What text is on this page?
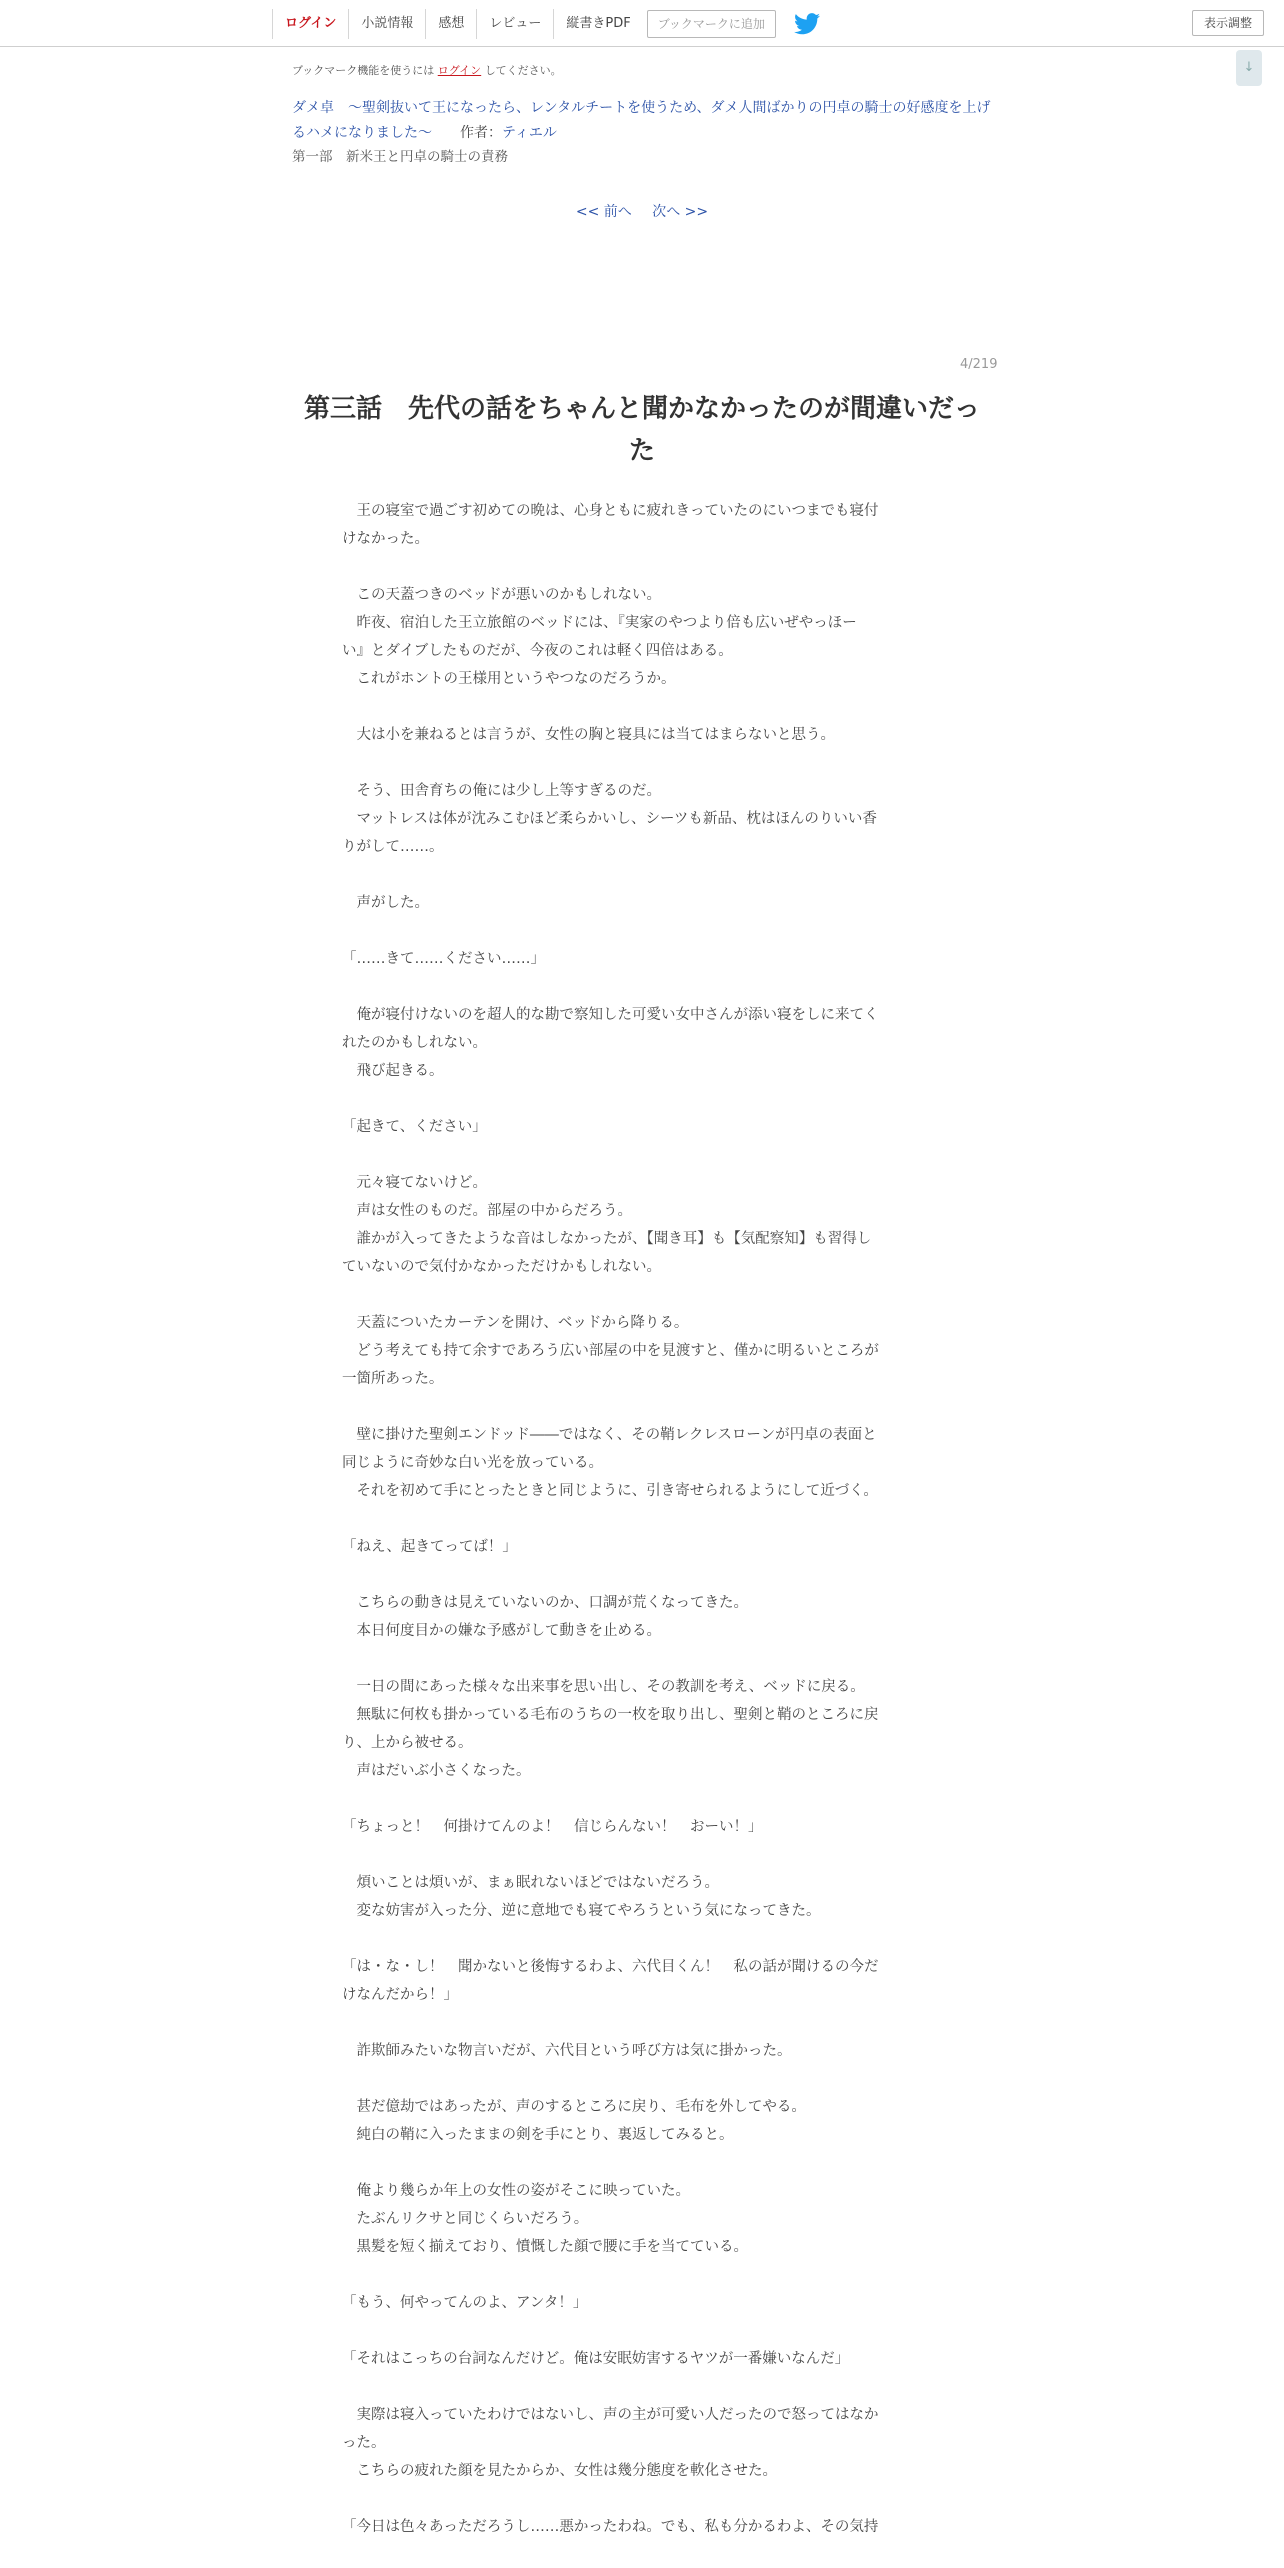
ログイン	小説情報	感想	レビュー	縦書きPDF	ブックマークに追加	表示調整
↓
ブックマーク機能を使うには ログイン してください。
ダメ卓　～聖剣抜いて王になったら、レンタルチートを使うため、ダメ人間ばかりの円卓の騎士の好感度を上げ
るハメになりました～ 作者：ティエル
第一部　新米王と円卓の騎士の責務
<< 前へ 次へ >>
4/219
第三話　先代の話をちゃんと聞かなかったのが間違いだっ
た
　王の寝室で過ごす初めての晩は、心身ともに疲れきっていたのにいつまでも寝付
けなかった。
　この天蓋つきのベッドが悪いのかもしれない。
　昨夜、宿泊した王立旅館のベッドには、『実家のやつより倍も広いぜやっほー
い』とダイブしたものだが、今夜のこれは軽く四倍はある。
　これがホントの王様用というやつなのだろうか。
　大は小を兼ねるとは言うが、女性の胸と寝具には当てはまらないと思う。
　そう、田舎育ちの俺には少し上等すぎるのだ。
　マットレスは体が沈みこむほど柔らかいし、シーツも新品、枕はほんのりいい香
りがして……。
　声がした。
「……きて……ください……」
　俺が寝付けないのを超人的な勘で察知した可愛い女中さんが添い寝をしに来てく
れたのかもしれない。
　飛び起きる。
「起きて、ください」
　元々寝てないけど。
　声は女性のものだ。部屋の中からだろう。
　誰かが入ってきたような音はしなかったが、【聞き耳】も【気配察知】も習得し
ていないので気付かなかっただけかもしれない。
　天蓋についたカーテンを開け、ベッドから降りる。
　どう考えても持て余すであろう広い部屋の中を見渡すと、僅かに明るいところが
一箇所あった。
　壁に掛けた聖剣エンドッド――ではなく、その鞘レクレスローンが円卓の表面と
同じように奇妙な白い光を放っている。
　それを初めて手にとったときと同じように、引き寄せられるようにして近づく。
「ねえ、起きてってば！」
　こちらの動きは見えていないのか、口調が荒くなってきた。
　本日何度目かの嫌な予感がして動きを止める。
　一日の間にあった様々な出来事を思い出し、その教訓を考え、ベッドに戻る。
　無駄に何枚も掛かっている毛布のうちの一枚を取り出し、聖剣と鞘のところに戻
り、上から被せる。
　声はだいぶ小さくなった。
「ちょっと！　何掛けてんのよ！　信じらんない！　おーい！」
　煩いことは煩いが、まぁ眠れないほどではないだろう。
　変な妨害が入った分、逆に意地でも寝てやろうという気になってきた。
「は・な・し！　聞かないと後悔するわよ、六代目くん！　私の話が聞けるの今だ
けなんだから！」
　詐欺師みたいな物言いだが、六代目という呼び方は気に掛かった。
　甚だ億劫ではあったが、声のするところに戻り、毛布を外してやる。
　純白の鞘に入ったままの剣を手にとり、裏返してみると。
　俺より幾らか年上の女性の姿がそこに映っていた。
　たぶんリクサと同じくらいだろう。
　黒髪を短く揃えており、憤慨した顔で腰に手を当てている。
「もう、何やってんのよ、アンタ！」
「それはこっちの台詞なんだけど。俺は安眠妨害するヤツが一番嫌いなんだ」
　実際は寝入っていたわけではないし、声の主が可愛い人だったので怒ってはなか
った。
　こちらの疲れた顔を見たからか、女性は幾分態度を軟化させた。
「今日は色々あっただろうし……悪かったわね。でも、私も分かるわよ、その気持
